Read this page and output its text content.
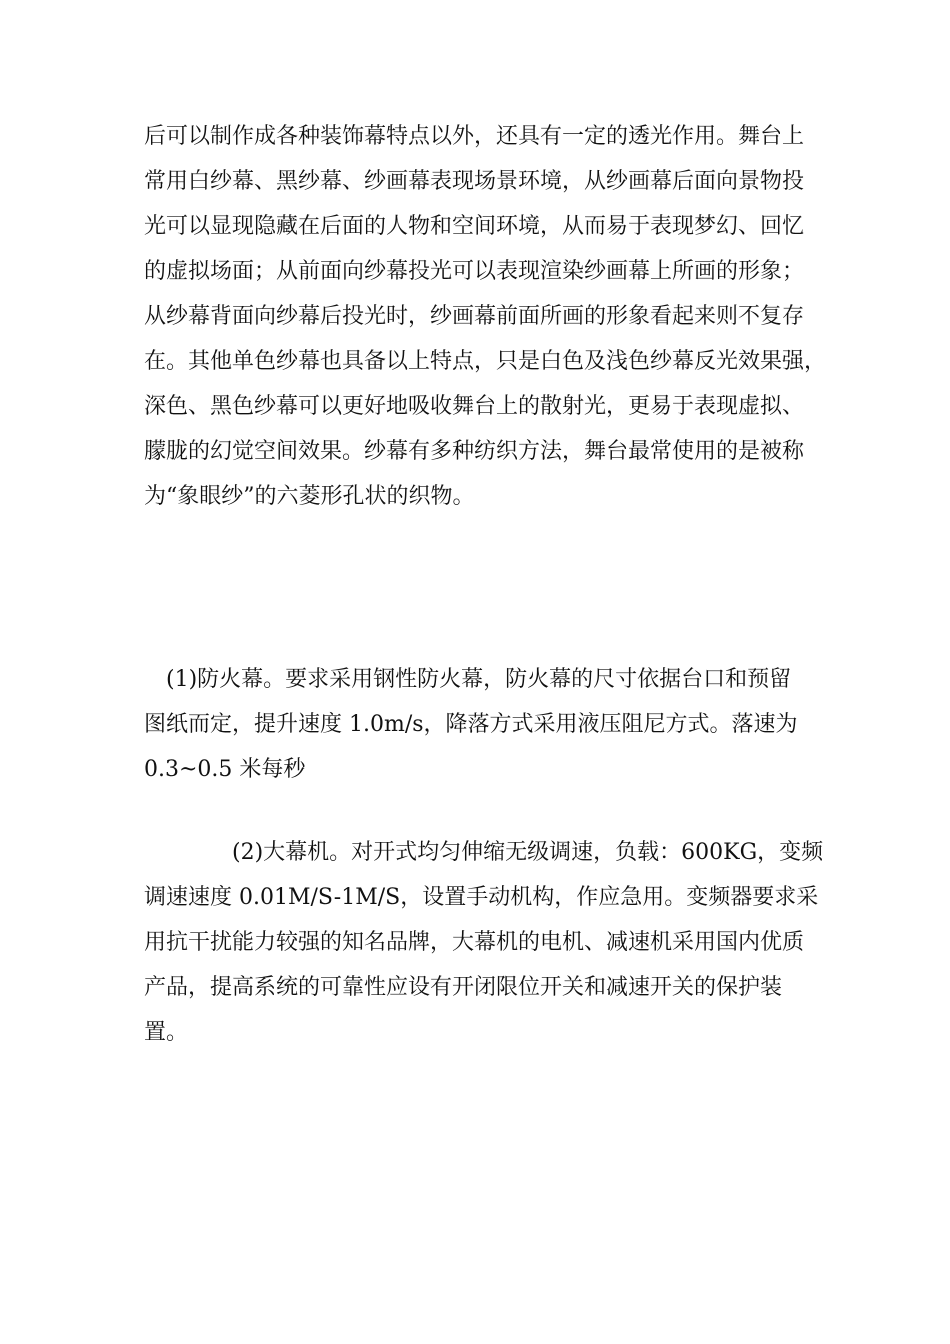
后可以制作成各种装饰幕特点以外，还具有一定的透光作用。舞台上
常用白纱幕、黑纱幕、纱画幕表现场景环境，从纱画幕后面向景物投
光可以显现隐藏在后面的人物和空间环境，从而易于表现梦幻、回忆
的虚拟场面；从前面向纱幕投光可以表现渲染纱画幕上所画的形象；
从纱幕背面向纱幕后投光时，纱画幕前面所画的形象看起来则不复存
在。其他单色纱幕也具备以上特点，只是白色及浅色纱幕反光效果强，
深色、黑色纱幕可以更好地吸收舞台上的散射光，更易于表现虚拟、
朦胧的幻觉空间效果。纱幕有多种纺织方法，舞台最常使用的是被称
为“象眼纱”的六菱形孔状的织物。

(1)防火幕。要求采用钢性防火幕，防火幕的尺寸依据台口和预留
图纸而定，提升速度 1.0m/s，降落方式采用液压阻尼方式。落速为
0.3~0.5 米每秒

(2)大幕机。对开式均匀伸缩无级调速，负载：600KG，变频
调速速度 0.01M/S-1M/S，设置手动机构，作应急用。变频器要求采
用抗干扰能力较强的知名品牌，大幕机的电机、减速机采用国内优质
产品，提高系统的可靠性应设有开闭限位开关和减速开关的保护装
置。
